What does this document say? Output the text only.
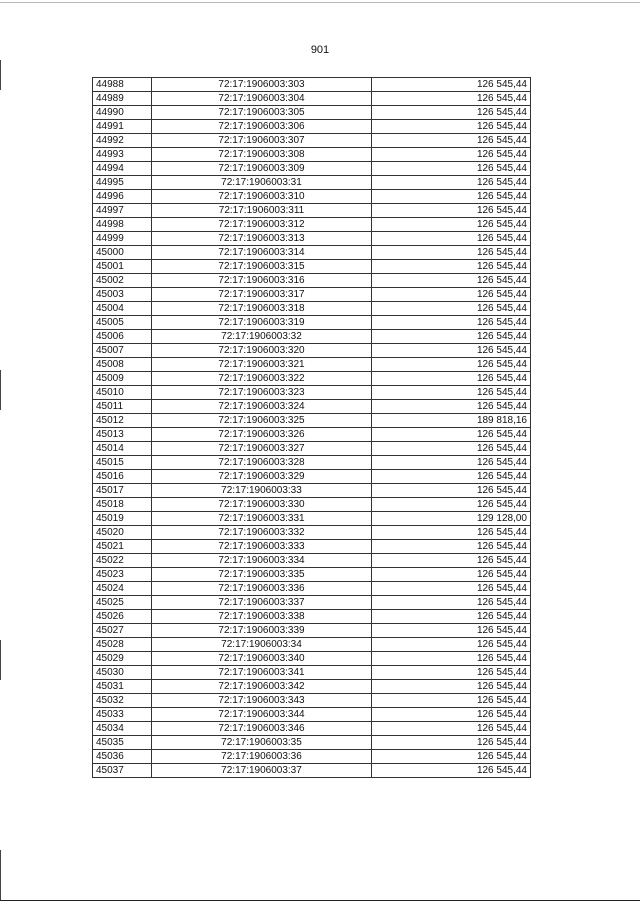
901
44988	72:17:1906003:303	126 545,44
44989	72:17:1906003:304	126 545,44
44990	72:17:1906003:305	126 545,44
44991	72:17:1906003:306	126 545,44
44992	72:17:1906003:307	126 545,44
44993	72:17:1906003:308	126 545,44
44994	72:17:1906003:309	126 545,44
44995	72:17:1906003:31	126 545,44
44996	72:17:1906003:310	126 545,44
44997	72:17:1906003:311	126 545,44
44998	72:17:1906003:312	126 545,44
44999	72:17:1906003:313	126 545,44
45000	72:17:1906003:314	126 545,44
45001	72:17:1906003:315	126 545,44
45002	72:17:1906003:316	126 545,44
45003	72:17:1906003:317	126 545,44
45004	72:17:1906003:318	126 545,44
45005	72:17:1906003:319	126 545,44
45006	72:17:1906003:32	126 545,44
45007	72:17:1906003:320	126 545,44
45008	72:17:1906003:321	126 545,44
45009	72:17:1906003:322	126 545,44
45010	72:17:1906003:323	126 545,44
45011	72:17:1906003:324	126 545,44
45012	72:17:1906003:325	189 818,16
45013	72:17:1906003:326	126 545,44
45014	72:17:1906003:327	126 545,44
45015	72:17:1906003:328	126 545,44
45016	72:17:1906003:329	126 545,44
45017	72:17:1906003:33	126 545,44
45018	72:17:1906003:330	126 545,44
45019	72:17:1906003:331	129 128,00
45020	72:17:1906003:332	126 545,44
45021	72:17:1906003:333	126 545,44
45022	72:17:1906003:334	126 545,44
45023	72:17:1906003:335	126 545,44
45024	72:17:1906003:336	126 545,44
45025	72:17:1906003:337	126 545,44
45026	72:17:1906003:338	126 545,44
45027	72:17:1906003:339	126 545,44
45028	72:17:1906003:34	126 545,44
45029	72:17:1906003:340	126 545,44
45030	72:17:1906003:341	126 545,44
45031	72:17:1906003:342	126 545,44
45032	72:17:1906003:343	126 545,44
45033	72:17:1906003:344	126 545,44
45034	72:17:1906003:346	126 545,44
45035	72:17:1906003:35	126 545,44
45036	72:17:1906003:36	126 545,44
45037	72:17:1906003:37	126 545,44
